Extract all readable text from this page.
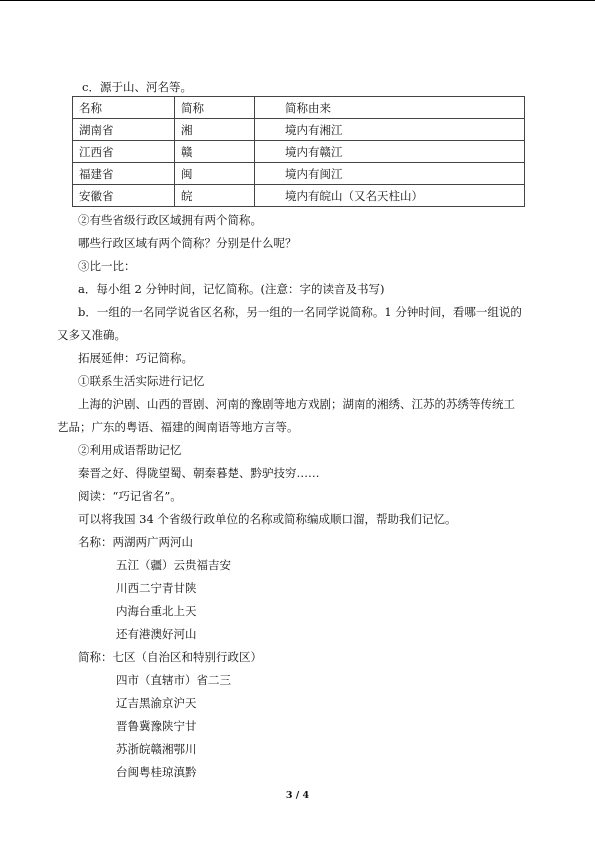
c．源于山、河名等。
名称	简称	简称由来
湖南省	湘	境内有湘江
江西省	赣	境内有赣江
福建省	闽	境内有闽江
安徽省	皖	境内有皖山（又名天柱山）
②有些省级行政区域拥有两个简称。
哪些行政区域有两个简称？分别是什么呢？
③比一比：
a．每小组 2 分钟时间，记忆简称。(注意：字的读音及书写)
b．一组的一名同学说省区名称，另一组的一名同学说简称。1 分钟时间，看哪一组说的
又多又准确。
拓展延伸：巧记简称。
①联系生活实际进行记忆
上海的沪剧、山西的晋剧、河南的豫剧等地方戏剧；湖南的湘绣、江苏的苏绣等传统工
艺品；广东的粤语、福建的闽南语等地方言等。
②利用成语帮助记忆
秦晋之好、得陇望蜀、朝秦暮楚、黔驴技穷……
阅读：“巧记省名”。
可以将我国 34 个省级行政单位的名称或简称编成顺口溜，帮助我们记忆。
名称：两湖两广两河山
五江（疆）云贵福吉安
川西二宁青甘陕
内海台重北上天
还有港澳好河山
简称：七区（自治区和特别行政区）
四市（直辖市）省二三
辽吉黑渝京沪天
晋鲁冀豫陕宁甘
苏浙皖赣湘鄂川
台闽粤桂琼滇黔
3 / 4
